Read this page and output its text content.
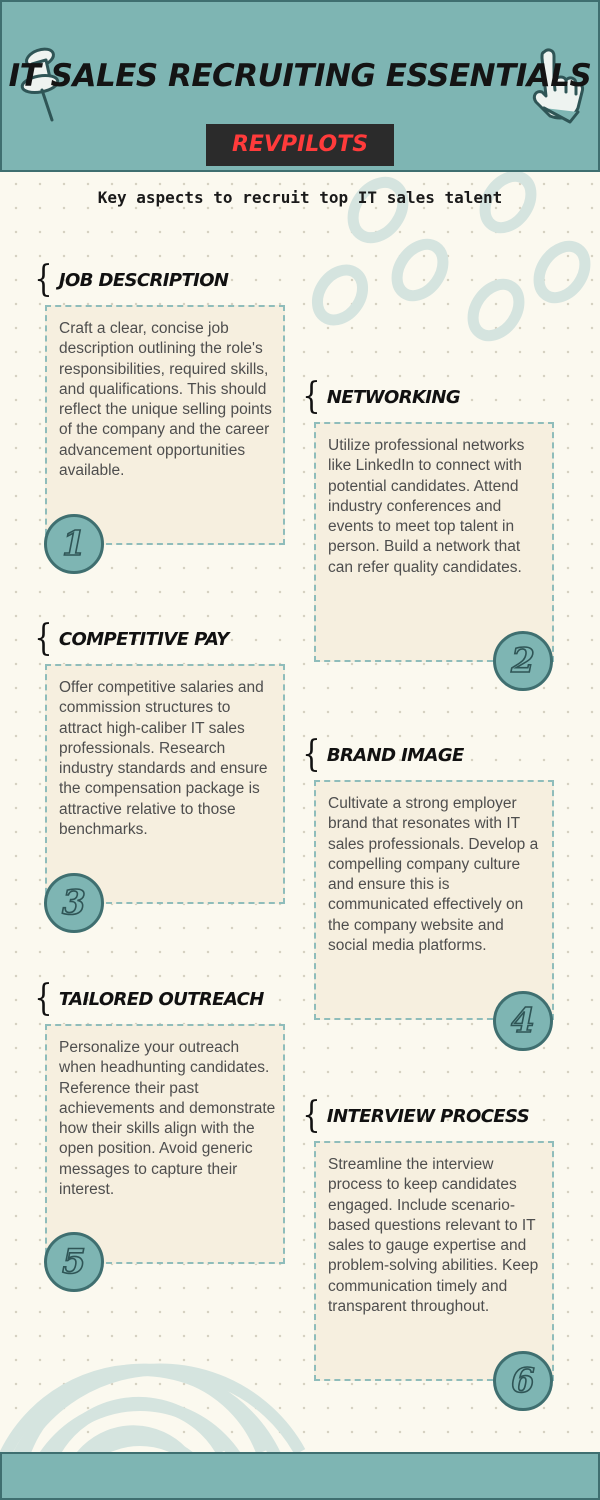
IT SALES RECRUITING ESSENTIALS
REVPILOTS
Key aspects to recruit top IT sales talent
{ JOB DESCRIPTION
Craft a clear, concise job description outlining the role's responsibilities, required skills, and qualifications. This should reflect the unique selling points of the company and the career advancement opportunities available.
1
{ NETWORKING
Utilize professional networks like LinkedIn to connect with potential candidates. Attend industry conferences and events to meet top talent in person. Build a network that can refer quality candidates.
2
{ COMPETITIVE PAY
Offer competitive salaries and commission structures to attract high-caliber IT sales professionals. Research industry standards and ensure the compensation package is attractive relative to those benchmarks.
3
{ BRAND IMAGE
Cultivate a strong employer brand that resonates with IT sales professionals. Develop a compelling company culture and ensure this is communicated effectively on the company website and social media platforms.
4
{ TAILORED OUTREACH
Personalize your outreach when headhunting candidates. Reference their past achievements and demonstrate how their skills align with the open position. Avoid generic messages to capture their interest.
5
{ INTERVIEW PROCESS
Streamline the interview process to keep candidates engaged. Include scenario-based questions relevant to IT sales to gauge expertise and problem-solving abilities. Keep communication timely and transparent throughout.
6
